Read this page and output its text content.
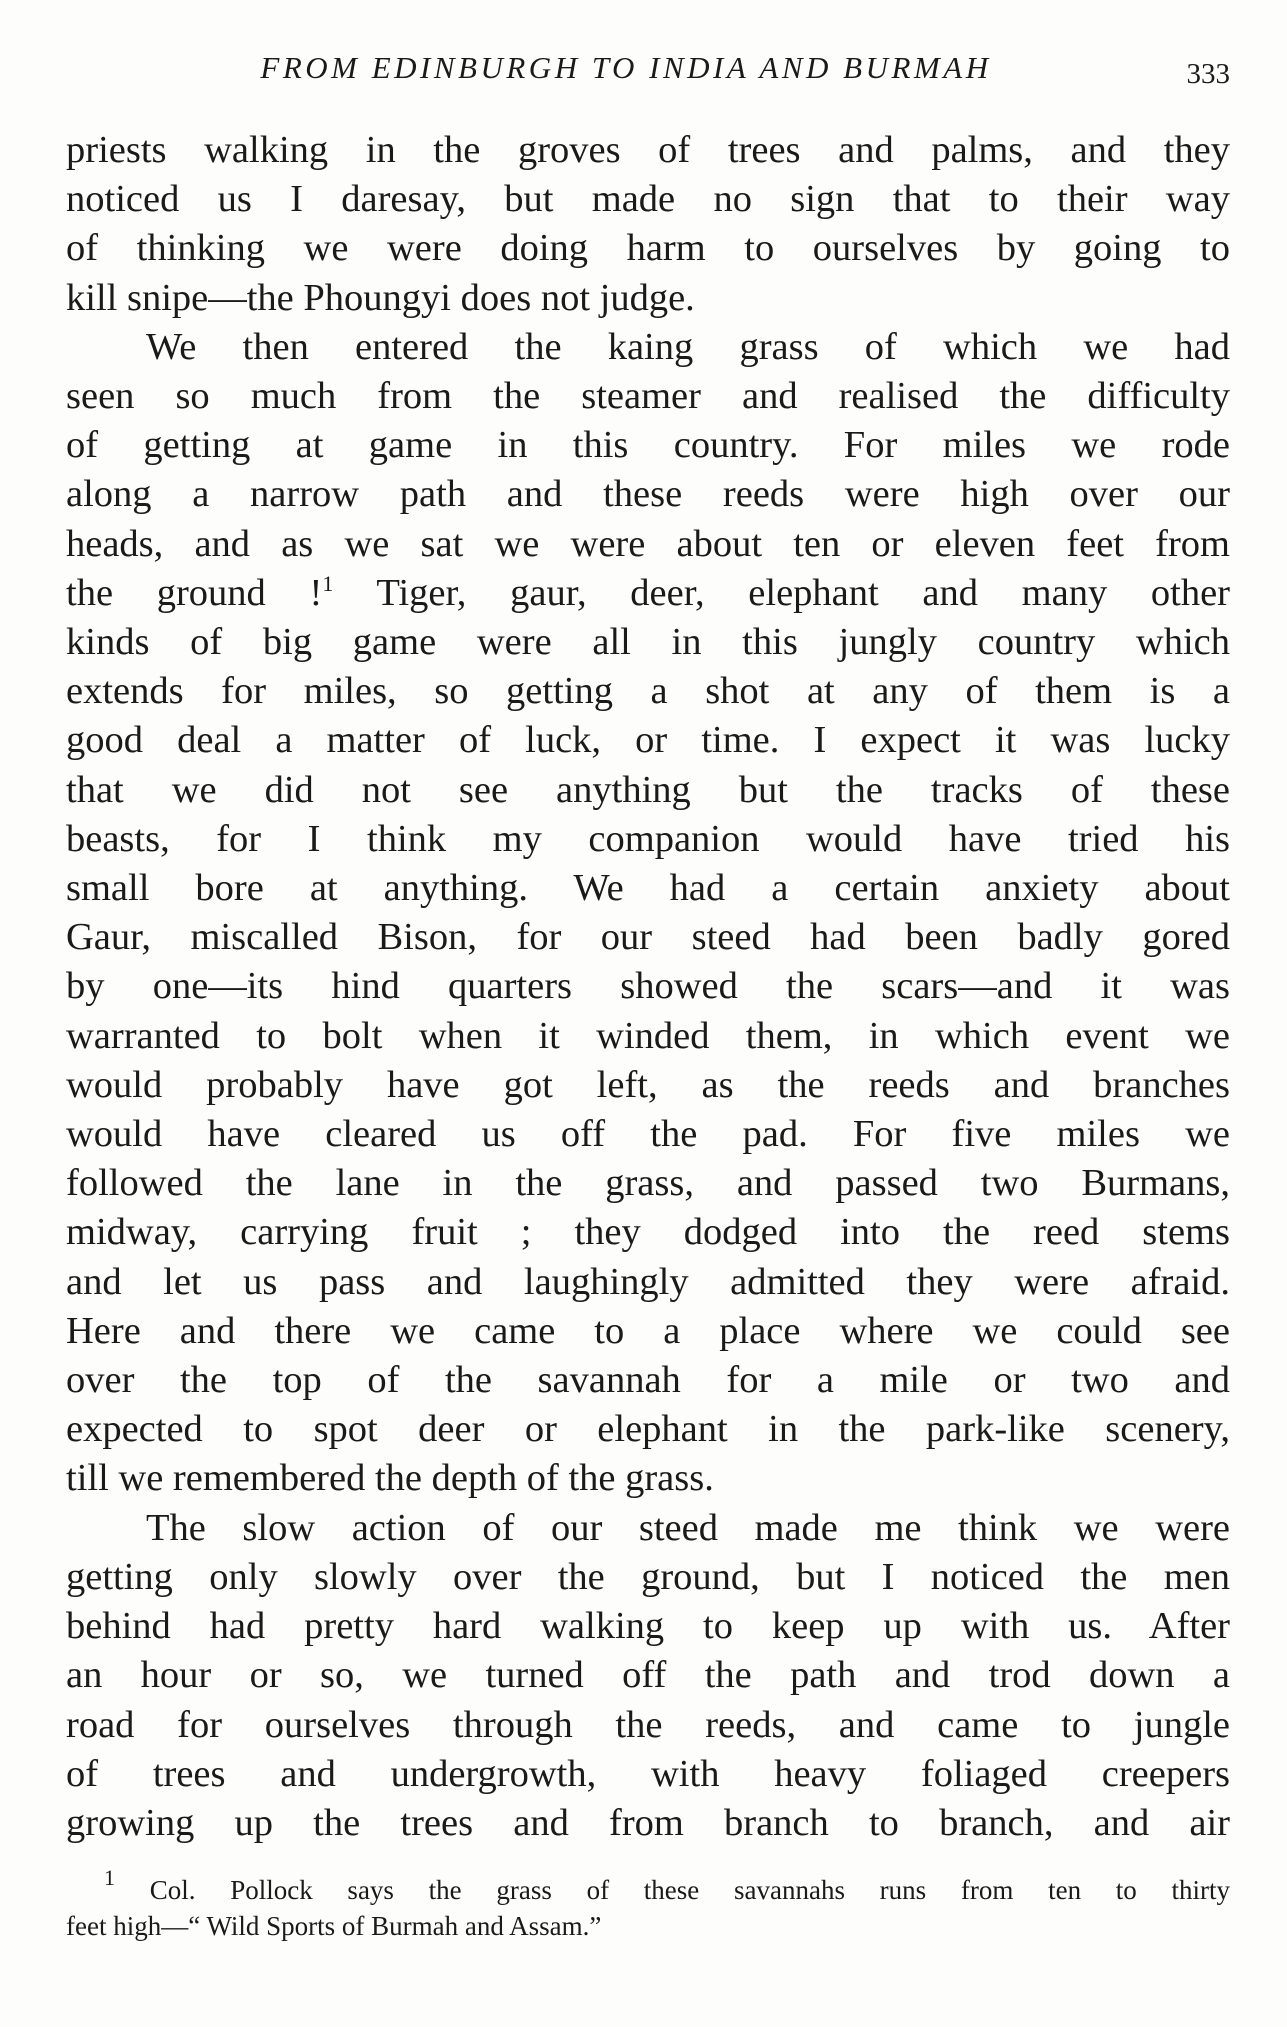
FROM EDINBURGH TO INDIA AND BURMAH	333
priests walking in the groves of trees and palms, and they
noticed us I daresay, but made no sign that to their way
of thinking we were doing harm to ourselves by going to
kill snipe—the Phoungyi does not judge.
We then entered the kaing grass of which we had
seen so much from the steamer and realised the difficulty
of getting at game in this country. For miles we rode
along a narrow path and these reeds were high over our
heads, and as we sat we were about ten or eleven feet from
the ground !$^1$ Tiger, gaur, deer, elephant and many other
kinds of big game were all in this jungly country which
extends for miles, so getting a shot at any of them is a
good deal a matter of luck, or time. I expect it was lucky
that we did not see anything but the tracks of these
beasts, for I think my companion would have tried his
small bore at anything. We had a certain anxiety about
Gaur, miscalled Bison, for our steed had been badly gored
by one—its hind quarters showed the scars—and it was
warranted to bolt when it winded them, in which event we
would probably have got left, as the reeds and branches
would have cleared us off the pad. For five miles we
followed the lane in the grass, and passed two Burmans,
midway, carrying fruit ; they dodged into the reed stems
and let us pass and laughingly admitted they were afraid.
Here and there we came to a place where we could see
over the top of the savannah for a mile or two and
expected to spot deer or elephant in the park-like scenery,
till we remembered the depth of the grass.
The slow action of our steed made me think we were
getting only slowly over the ground, but I noticed the men
behind had pretty hard walking to keep up with us. After
an hour or so, we turned off the path and trod down a
road for ourselves through the reeds, and came to jungle
of trees and undergrowth, with heavy foliaged creepers
growing up the trees and from branch to branch, and air
$^1$ Col. Pollock says the grass of these savannahs runs from ten to thirty
feet high—“ Wild Sports of Burmah and Assam.”
